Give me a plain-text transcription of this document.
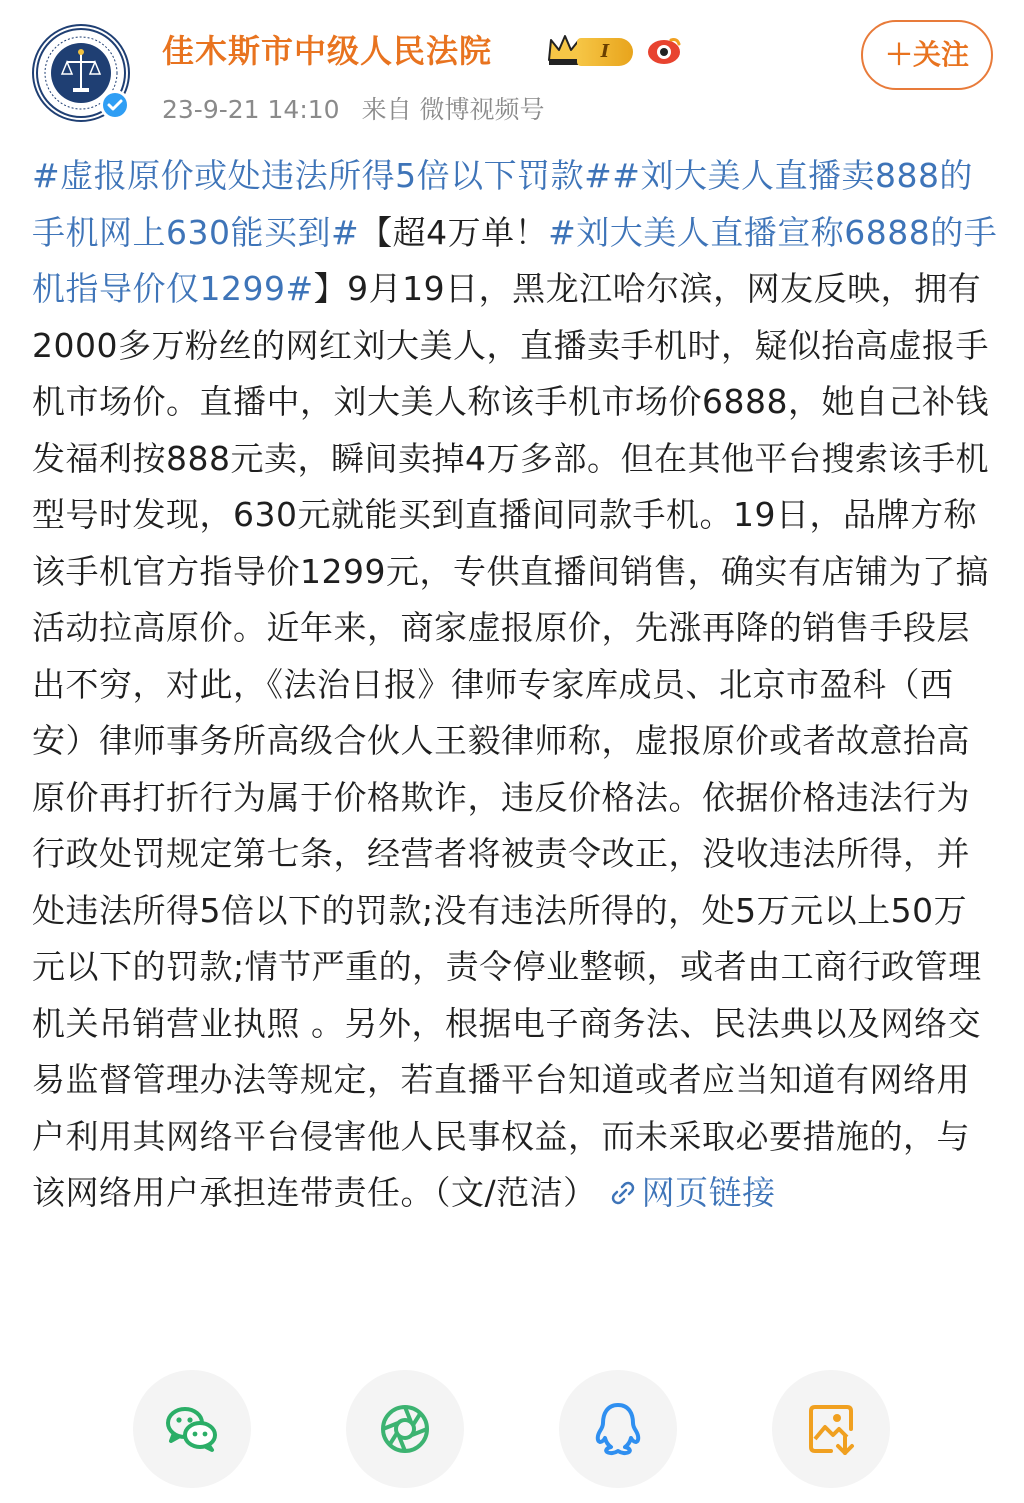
佳木斯市中级人民法院	I
23-9-21 14:10 来自 微博视频号
＋关注
#虚报原价或处违法所得5倍以下罚款##刘大美人直播卖888的手机网上630能买到#【超4万单！#刘大美人直播宣称6888的手机指导价仅1299#】9月19日，黑龙江哈尔滨，网友反映，拥有2000多万粉丝的网红刘大美人，直播卖手机时，疑似抬高虚报手机市场价。直播中，刘大美人称该手机市场价6888，她自己补钱发福利按888元卖，瞬间卖掉4万多部。但在其他平台搜索该手机型号时发现，630元就能买到直播间同款手机。19日，品牌方称该手机官方指导价1299元，专供直播间销售，确实有店铺为了搞活动拉高原价。近年来，商家虚报原价，先涨再降的销售手段层出不穷，对此，《法治日报》律师专家库成员、北京市盈科（西安）律师事务所高级合伙人王毅律师称，虚报原价或者故意抬高原价再打折行为属于价格欺诈，违反价格法。依据价格违法行为行政处罚规定第七条，经营者将被责令改正，没收违法所得，并处违法所得5倍以下的罚款;没有违法所得的，处5万元以上50万元以下的罚款;情节严重的，责令停业整顿，或者由工商行政管理机关吊销营业执照 。另外，根据电子商务法、民法典以及网络交易监督管理办法等规定，若直播平台知道或者应当知道有网络用户利用其网络平台侵害他人民事权益，而未采取必要措施的，与该网络用户承担连带责任。（文/范洁） 网页链接
